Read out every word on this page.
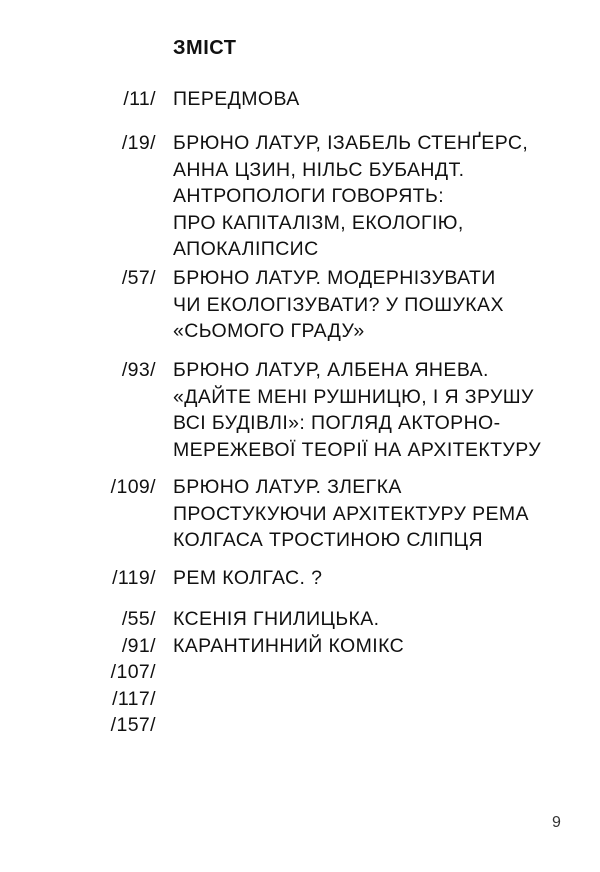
ЗМІСТ
/11/ ПЕРЕДМОВА
/19/ БРЮНО ЛАТУР, ІЗАБЕЛЬ СТЕНҐЕРС,
АННА ЦЗИН, НІЛЬС БУБАНДТ.
АНТРОПОЛОГИ ГОВОРЯТЬ:
ПРО КАПІТАЛІЗМ, ЕКОЛОГІЮ,
АПОКАЛІПСИС
/57/ БРЮНО ЛАТУР. МОДЕРНІЗУВАТИ
ЧИ ЕКОЛОГІЗУВАТИ? У ПОШУКАХ
«СЬОМОГО ГРАДУ»
/93/ БРЮНО ЛАТУР, АЛБЕНА ЯНЕВА.
«ДАЙТЕ МЕНІ РУШНИЦЮ, І Я ЗРУШУ
ВСІ БУДІВЛІ»: ПОГЛЯД АКТОРНО-
МЕРЕЖЕВОЇ ТЕОРІЇ НА АРХІТЕКТУРУ
/109/ БРЮНО ЛАТУР. ЗЛЕГКА
ПРОСТУКУЮЧИ АРХІТЕКТУРУ РЕМА
КОЛГАСА ТРОСТИНОЮ СЛІПЦЯ
/119/ РЕМ КОЛГАС. ?
/55/
/91/
/107/
/117/
/157/
КСЕНІЯ ГНИЛИЦЬКА.
КАРАНТИННИЙ КОМІКС
9
